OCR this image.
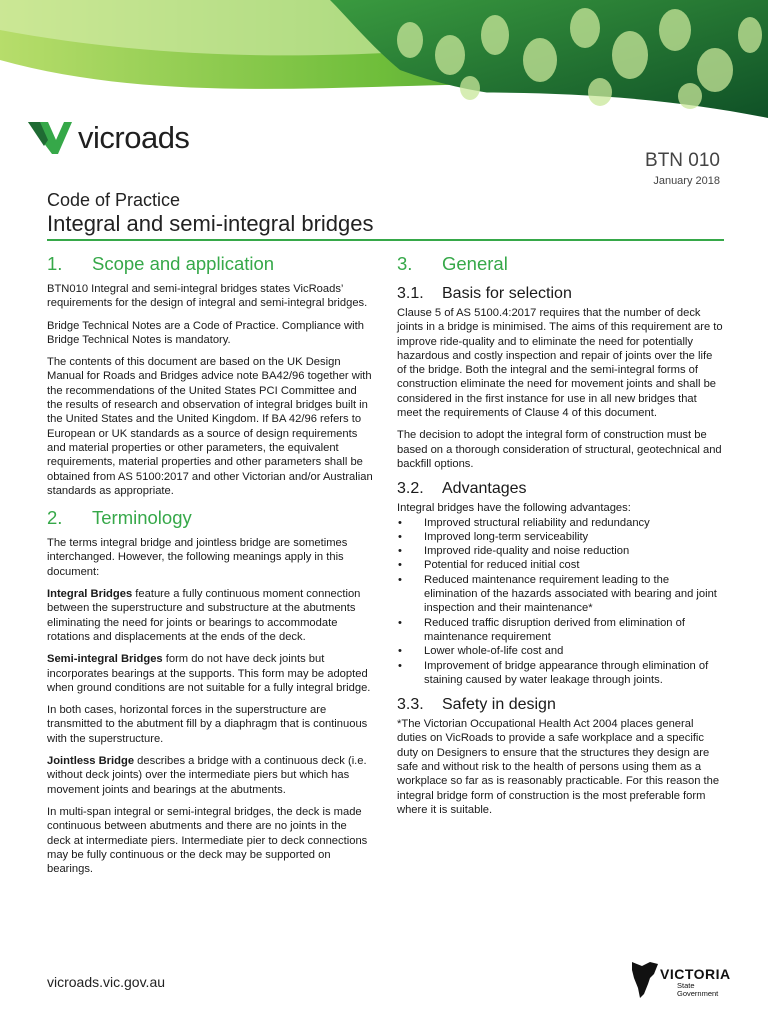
vicroads
BTN 010
January 2018
Code of Practice
Integral and semi-integral bridges
1.	Scope and application

BTN010 Integral and semi-integral bridges states VicRoads’ requirements for the design of integral and semi-integral bridges.

Bridge Technical Notes are a Code of Practice. Compliance with Bridge Technical Notes is mandatory.

The contents of this document are based on the UK Design Manual for Roads and Bridges advice note BA42/96 together with the recommendations of the United States PCI Committee and the results of research and observation of integral bridges built in the United States and the United Kingdom. If BA 42/96 refers to European or UK standards as a source of design requirements and material properties or other parameters, the equivalent requirements, material properties and other parameters shall be obtained from AS 5100:2017 and other Victorian and/or Australian standards as appropriate.

2.	Terminology

The terms integral bridge and jointless bridge are sometimes interchanged. However, the following meanings apply in this document:

Integral Bridges feature a fully continuous moment connection between the superstructure and substructure at the abutments eliminating the need for joints or bearings to accommodate rotations and displacements at the ends of the deck.

Semi-integral Bridges form do not have deck joints but incorporates bearings at the supports. This form may be adopted when ground conditions are not suitable for a fully integral bridge.

In both cases, horizontal forces in the superstructure are transmitted to the abutment fill by a diaphragm that is continuous with the superstructure.

Jointless Bridge describes a bridge with a continuous deck (i.e. without deck joints) over the intermediate piers but which has movement joints and bearings at the abutments.

In multi-span integral or semi-integral bridges, the deck is made continuous between abutments and there are no joints in the deck at intermediate piers. Intermediate pier to deck connections may be fully continuous or the deck may be supported on bearings.

3.	General
3.1.	Basis for selection

Clause 5 of AS 5100.4:2017 requires that the number of deck joints in a bridge is minimised. The aims of this requirement are to improve ride-quality and to eliminate the need for potentially hazardous and costly inspection and repair of joints over the life of the bridge. Both the integral and the semi-integral forms of construction eliminate the need for movement joints and shall be considered in the first instance for use in all new bridges that meet the requirements of Clause 4 of this document.

The decision to adopt the integral form of construction must be based on a thorough consideration of structural, geotechnical and backfill options.

3.2.	Advantages

Integral bridges have the following advantages:

• Improved structural reliability and redundancy
• Improved long-term serviceability
• Improved ride-quality and noise reduction
• Potential for reduced initial cost
• Reduced maintenance requirement leading to the elimination of the hazards associated with bearing and joint inspection and their maintenance*
• Reduced traffic disruption derived from elimination of maintenance requirement
• Lower whole-of-life cost and
• Improvement of bridge appearance through elimination of staining caused by water leakage through joints.
3.3.	Safety in design

*The Victorian Occupational Health Act 2004 places general duties on VicRoads to provide a safe workplace and a specific duty on Designers to ensure that the structures they design are safe and without risk to the health of persons using them as a workplace so far as is reasonably practicable. For this reason the integral bridge form of construction is the most preferable form where it is suitable.

vicroads.vic.gov.au	VICTORIA
State
Government
